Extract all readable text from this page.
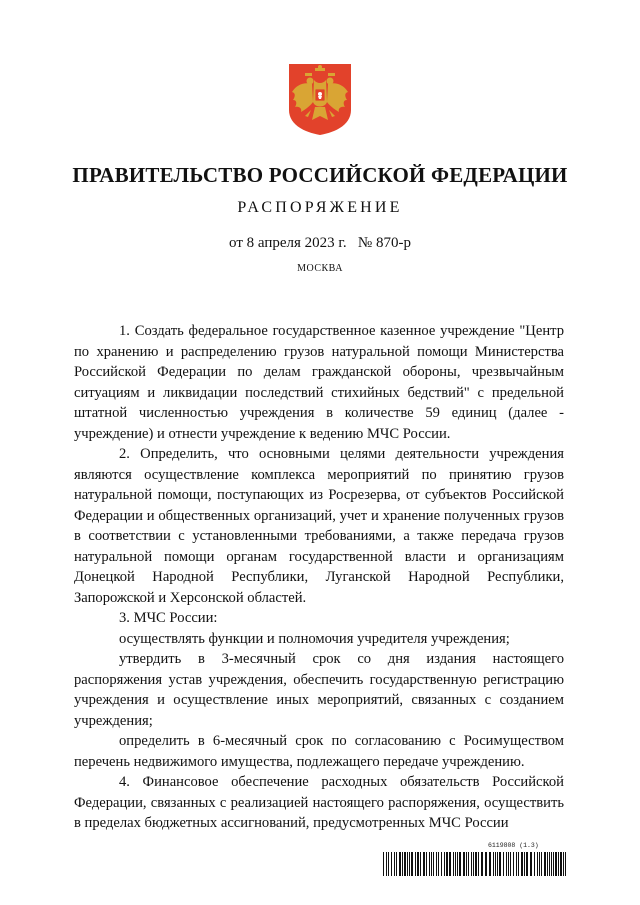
ПРАВИТЕЛЬСТВО РОССИЙСКОЙ ФЕДЕРАЦИИ
РАСПОРЯЖЕНИЕ
от 8 апреля 2023 г.   № 870-р
МОСКВА

1. Создать федеральное государственное казенное учреждение "Центр по хранению и распределению грузов натуральной помощи Министерства Российской Федерации по делам гражданской обороны, чрезвычайным ситуациям и ликвидации последствий стихийных бедствий" с предельной штатной численностью учреждения в количестве 59 единиц (далее - учреждение) и отнести учреждение к ведению МЧС России.

2. Определить, что основными целями деятельности учреждения являются осуществление комплекса мероприятий по принятию грузов натуральной помощи, поступающих из Росрезерва, от субъектов Российской Федерации и общественных организаций, учет и хранение полученных грузов в соответствии с установленными требованиями, а также передача грузов натуральной помощи органам государственной власти и организациям Донецкой Народной Республики, Луганской Народной Республики, Запорожской и Херсонской областей.

3. МЧС России:

осуществлять функции и полномочия учредителя учреждения;

утвердить в 3-месячный срок со дня издания настоящего распоряжения устав учреждения, обеспечить государственную регистрацию учреждения и осуществление иных мероприятий, связанных с созданием учреждения;

определить в 6-месячный срок по согласованию с Росимуществом перечень недвижимого имущества, подлежащего передаче учреждению.

4. Финансовое обеспечение расходных обязательств Российской Федерации, связанных с реализацией настоящего распоряжения, осуществить в пределах бюджетных ассигнований, предусмотренных МЧС России

6119808 (1.3)
